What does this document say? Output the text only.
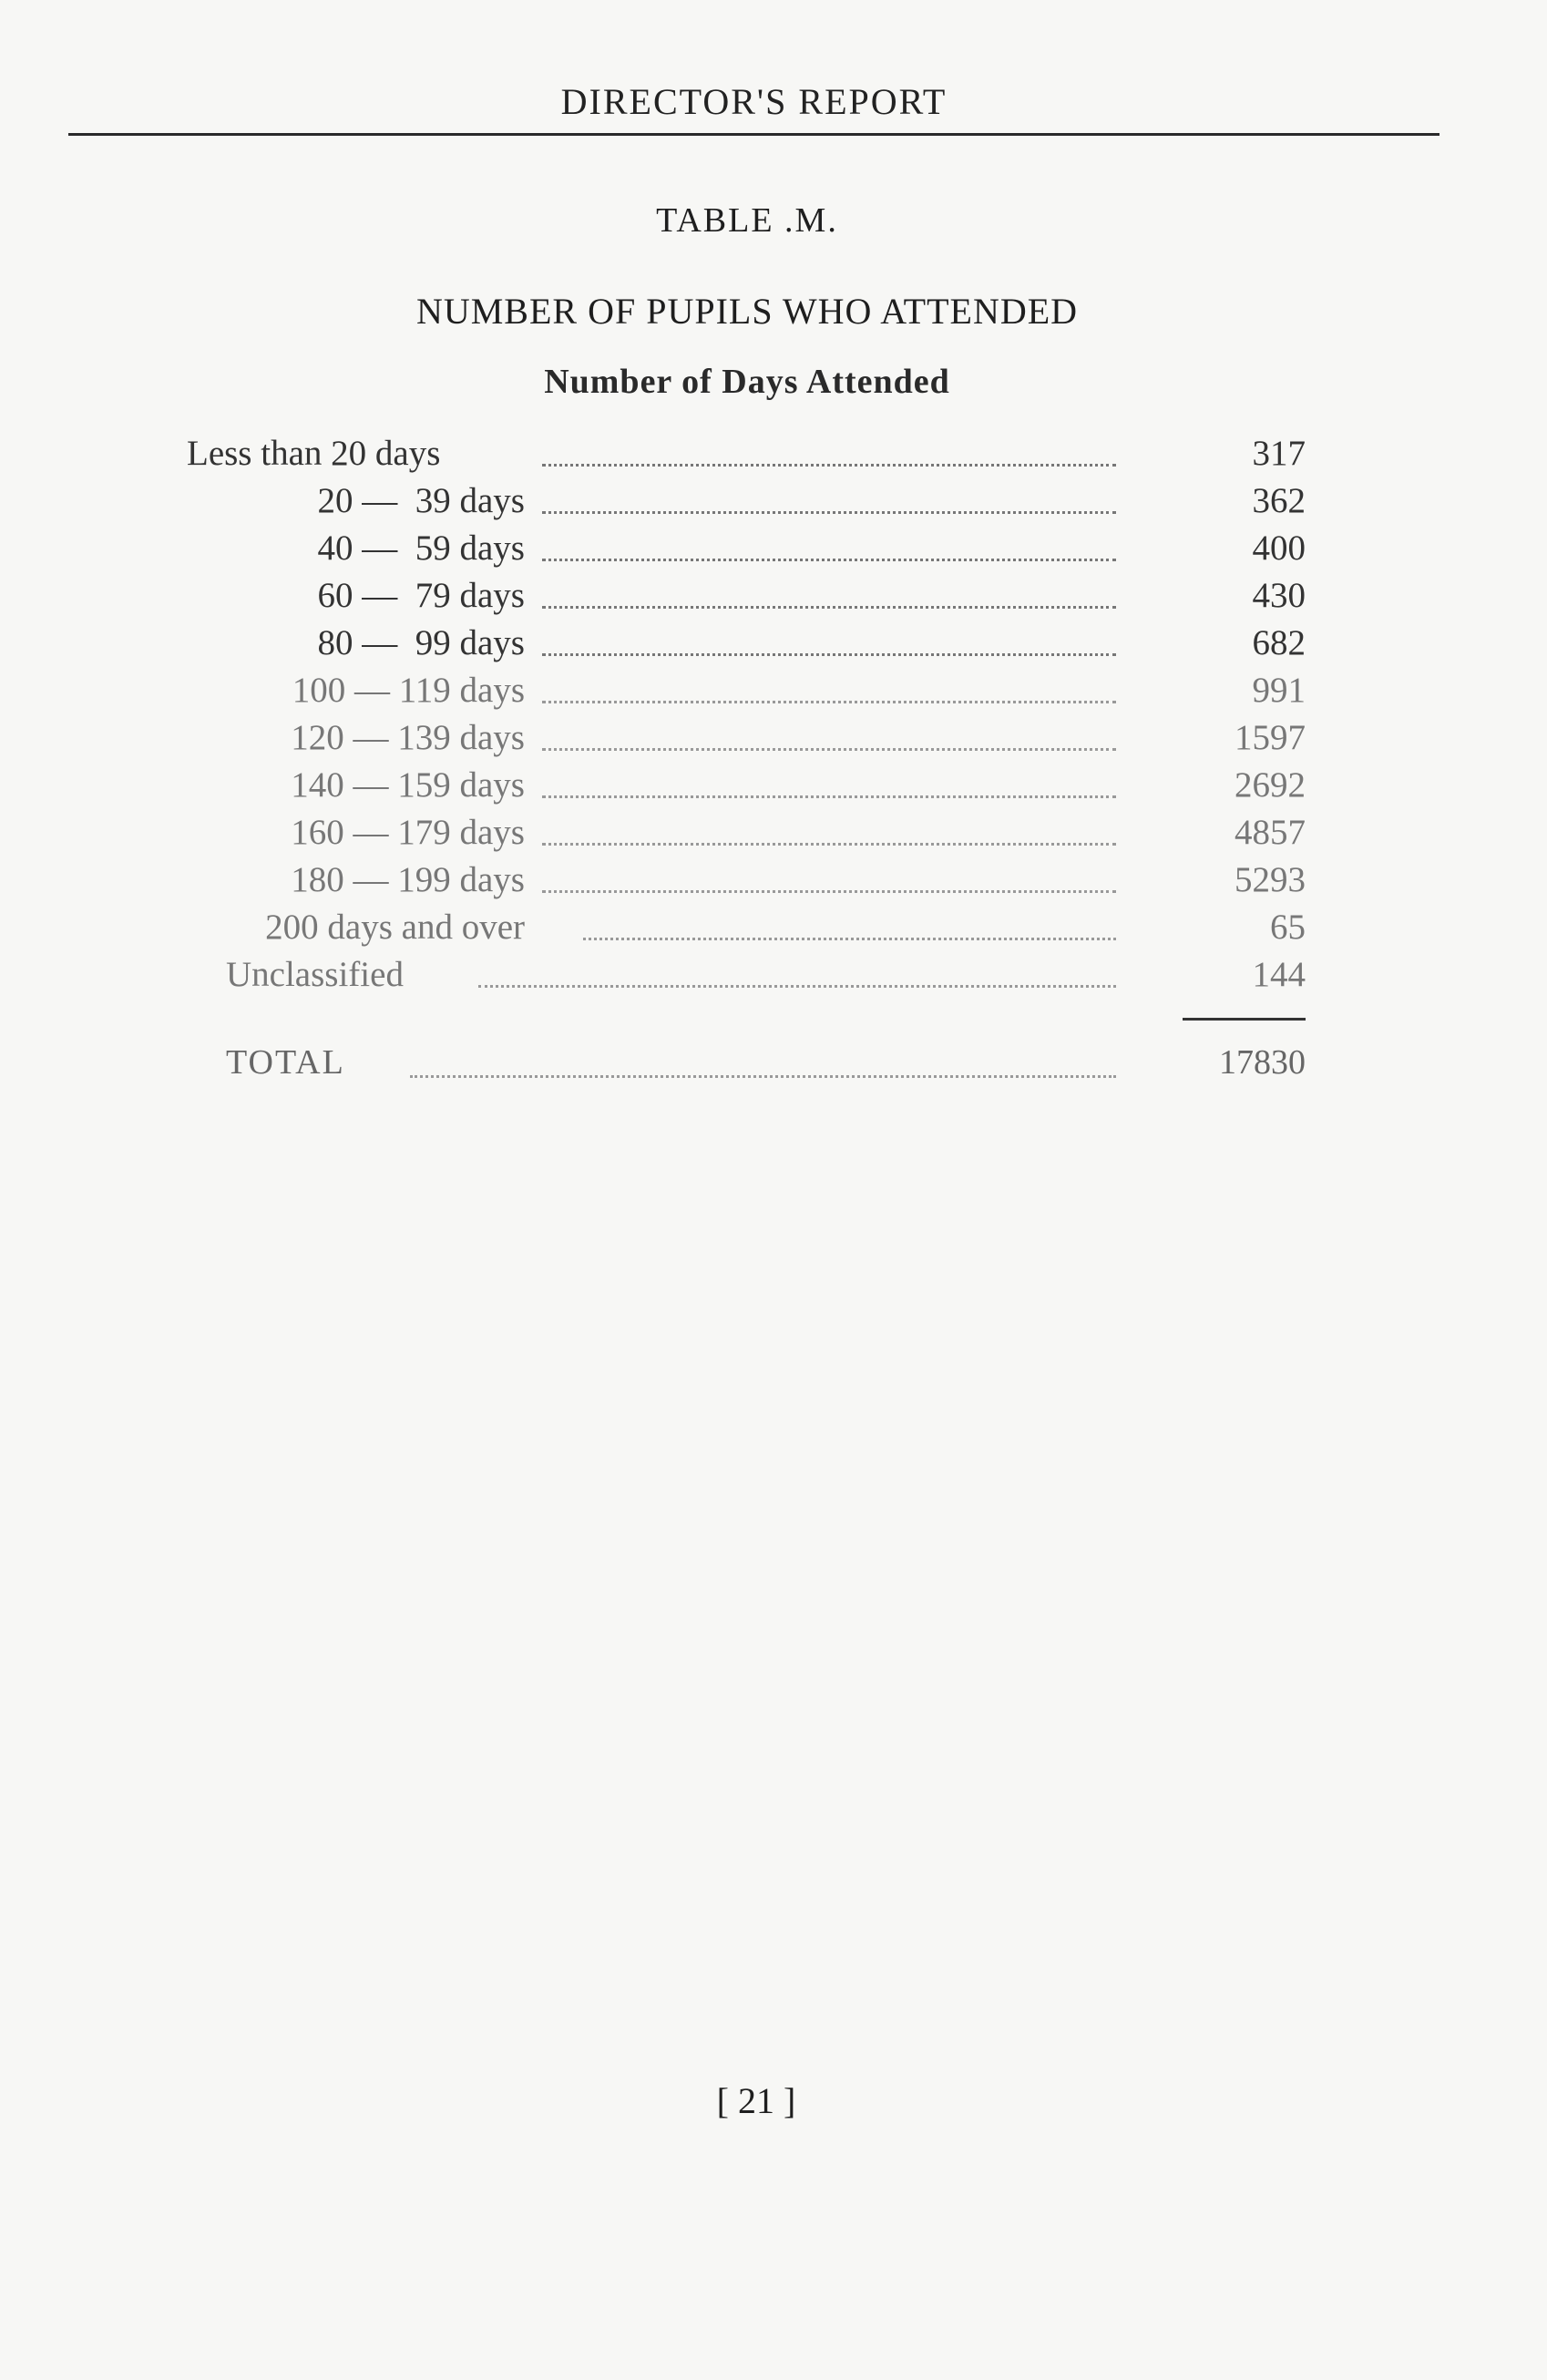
DIRECTOR'S REPORT
TABLE .M.
NUMBER OF PUPILS WHO ATTENDED
Number of Days Attended
Less than 20 days	317
20 —  39 days	362
40 —  59 days	400
60 —  79 days	430
80 —  99 days	682
100 — 119 days	991
120 — 139 days	1597
140 — 159 days	2692
160 — 179 days	4857
180 — 199 days	5293
200 days and over	65
Unclassified	144
TOTAL	17830
[ 21 ]
